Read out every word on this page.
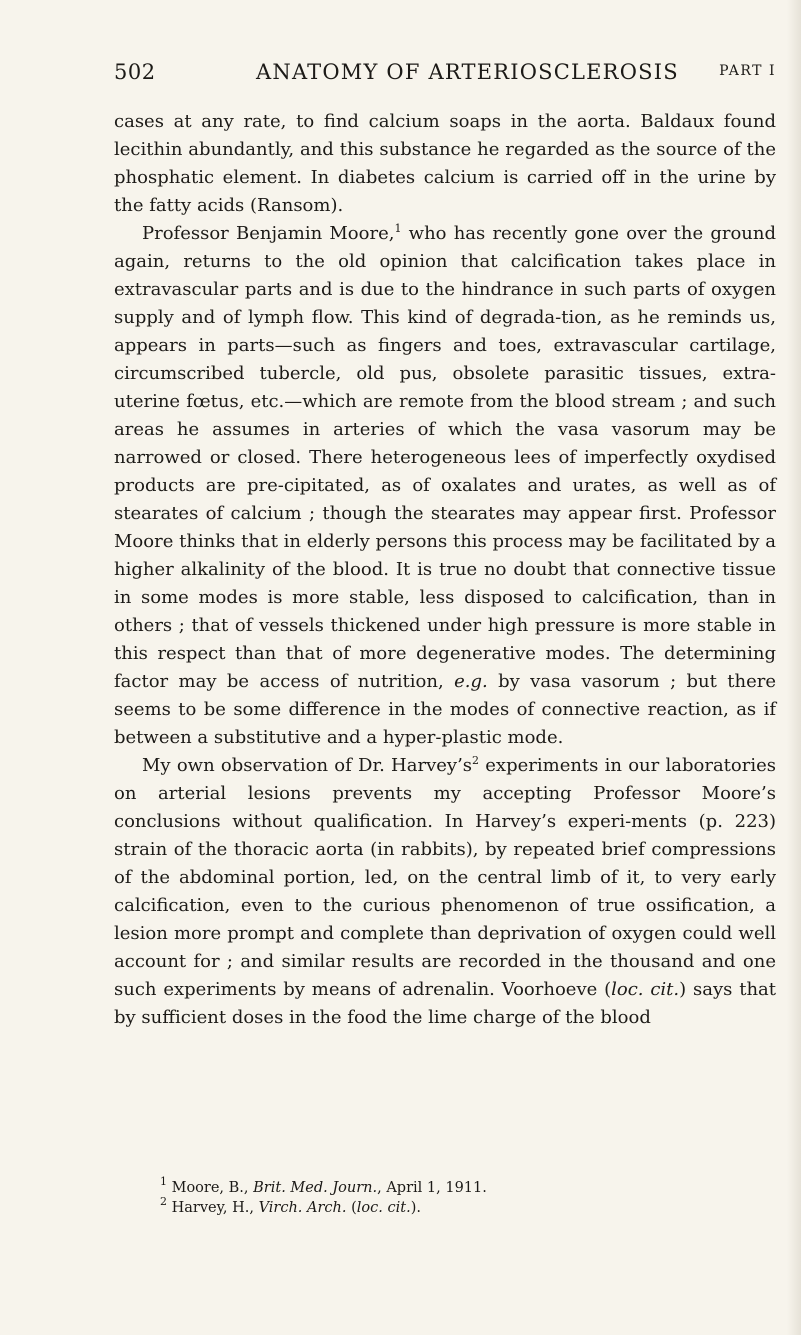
502	ANATOMY OF ARTERIOSCLEROSIS	PART I

cases at any rate, to find calcium soaps in the aorta. Baldaux found lecithin abundantly, and this substance he regarded as the source of the phosphatic element. In diabetes calcium is carried off in the urine by the fatty acids (Ransom).

Professor Benjamin Moore,$^1$ who has recently gone over the ground again, returns to the old opinion that calcification takes place in extravascular parts and is due to the hindrance in such parts of oxygen supply and of lymph flow. This kind of degrada-tion, as he reminds us, appears in parts—such as fingers and toes, extravascular cartilage, circumscribed tubercle, old pus, obsolete parasitic tissues, extra-uterine fœtus, etc.—which are remote from the blood stream ; and such areas he assumes in arteries of which the vasa vasorum may be narrowed or closed. There heterogeneous lees of imperfectly oxydised products are pre-cipitated, as of oxalates and urates, as well as of stearates of calcium ; though the stearates may appear first. Professor Moore thinks that in elderly persons this process may be facilitated by a higher alkalinity of the blood. It is true no doubt that connective tissue in some modes is more stable, less disposed to calcification, than in others ; that of vessels thickened under high pressure is more stable in this respect than that of more degenerative modes. The determining factor may be access of nutrition, e.g. by vasa vasorum ; but there seems to be some difference in the modes of connective reaction, as if between a substitutive and a hyper-plastic mode.

My own observation of Dr. $Harvey’s^2$ experiments in our laboratories on arterial lesions prevents my accepting Professor Moore’s conclusions without qualification. In Harvey’s experi-ments (p. 223) strain of the thoracic aorta (in rabbits), by repeated brief compressions of the abdominal portion, led, on the central limb of it, to very early calcification, even to the curious phenomenon of true ossification, a lesion more prompt and complete than deprivation of oxygen could well account for ; and similar results are recorded in the thousand and one such experiments by means of adrenalin. Voorhoeve (loc. cit.) says that by sufficient doses in the food the lime charge of the blood

$^1$ Moore, B., Brit. Med. Journ., April 1, 1911.
$^2$ Harvey, H., Virch. Arch. (loc. cit.).
